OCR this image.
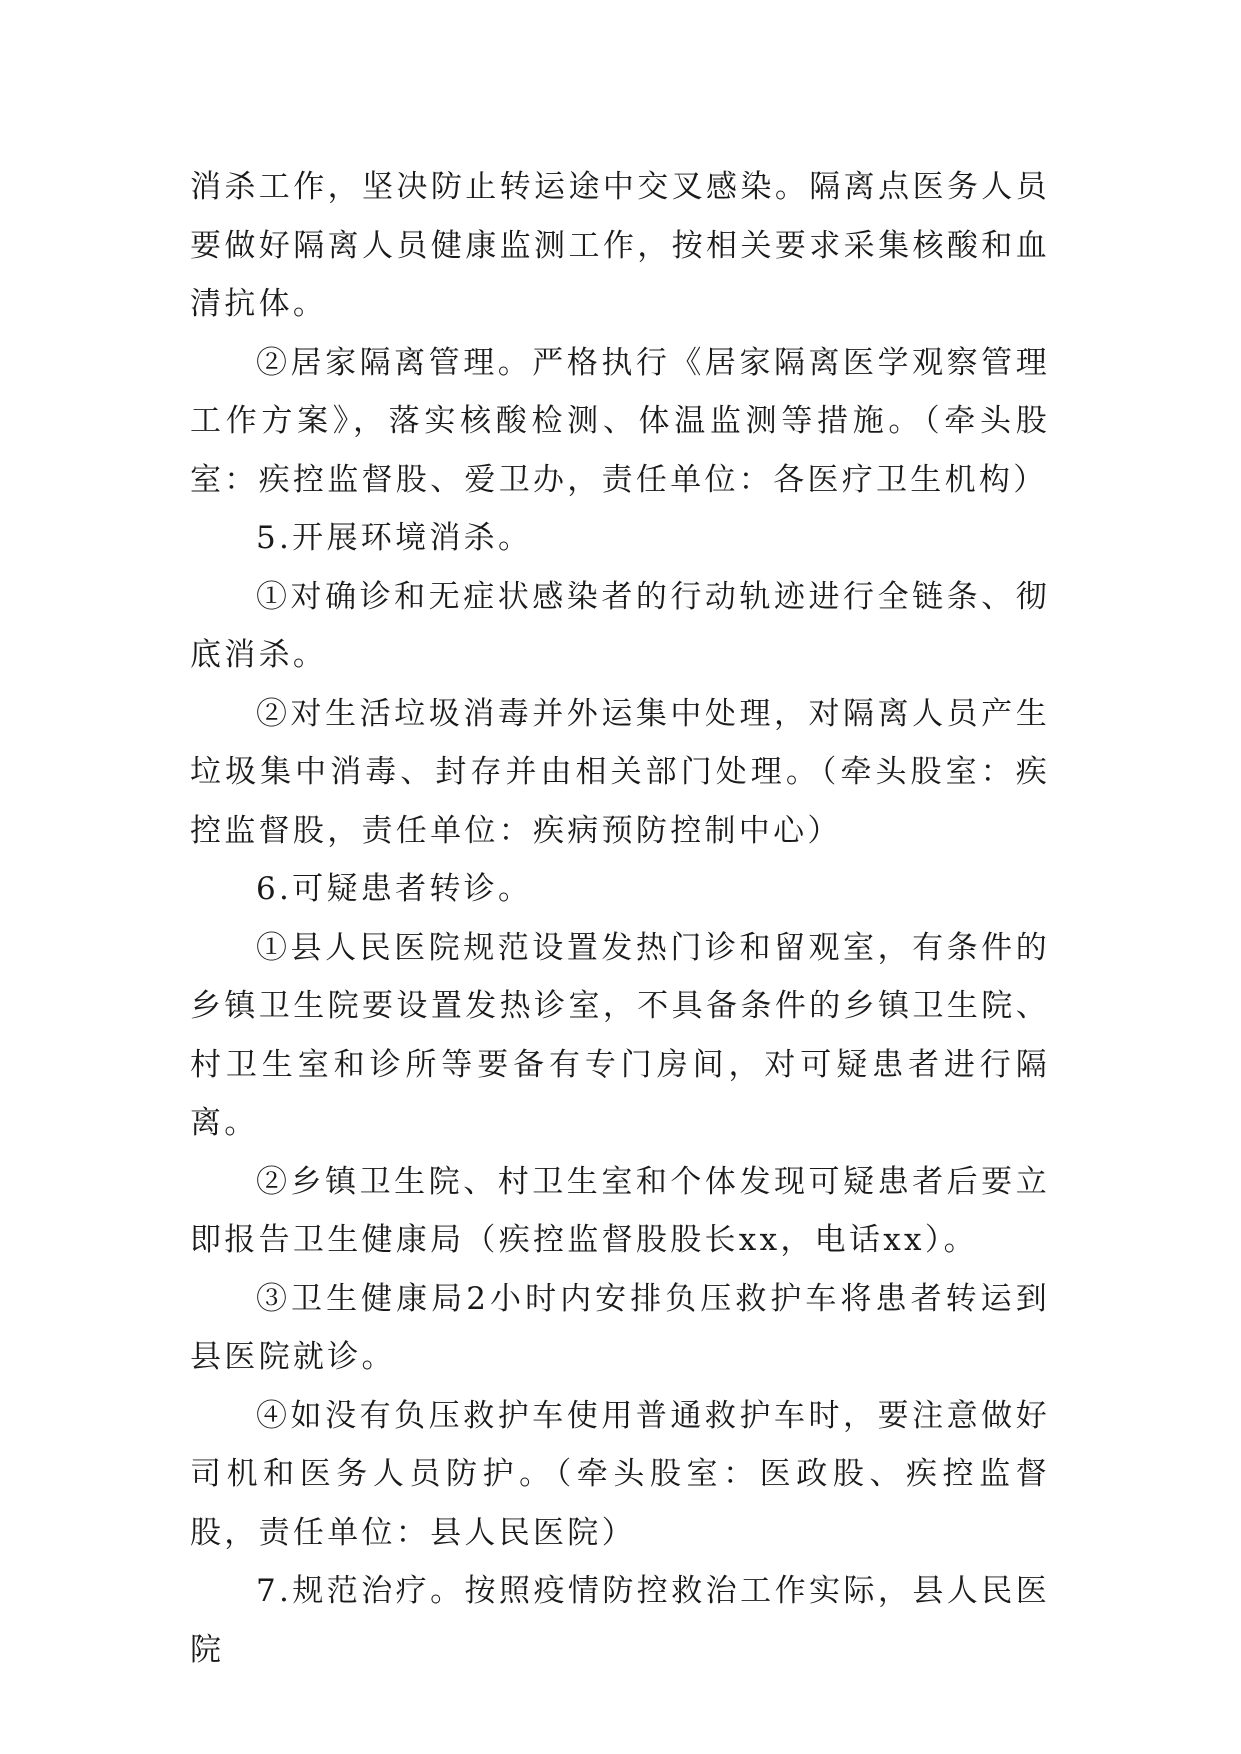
消杀工作，坚决防止转运途中交叉感染。隔离点医务人员要做好隔离人员健康监测工作，按相关要求采集核酸和血清抗体。

②居家隔离管理。严格执行《居家隔离医学观察管理工作方案》，落实核酸检测、体温监测等措施。（牵头股室：疾控监督股、爱卫办，责任单位：各医疗卫生机构）

5.开展环境消杀。

①对确诊和无症状感染者的行动轨迹进行全链条、彻底消杀。

②对生活垃圾消毒并外运集中处理，对隔离人员产生垃圾集中消毒、封存并由相关部门处理。（牵头股室：疾控监督股，责任单位：疾病预防控制中心）

6.可疑患者转诊。

①县人民医院规范设置发热门诊和留观室，有条件的乡镇卫生院要设置发热诊室，不具备条件的乡镇卫生院、村卫生室和诊所等要备有专门房间，对可疑患者进行隔离。

②乡镇卫生院、村卫生室和个体发现可疑患者后要立即报告卫生健康局（疾控监督股股长xx，电话xx）。

③卫生健康局2小时内安排负压救护车将患者转运到县医院就诊。

④如没有负压救护车使用普通救护车时，要注意做好司机和医务人员防护。（牵头股室：医政股、疾控监督股，责任单位：县人民医院）

7.规范治疗。按照疫情防控救治工作实际，县人民医院
